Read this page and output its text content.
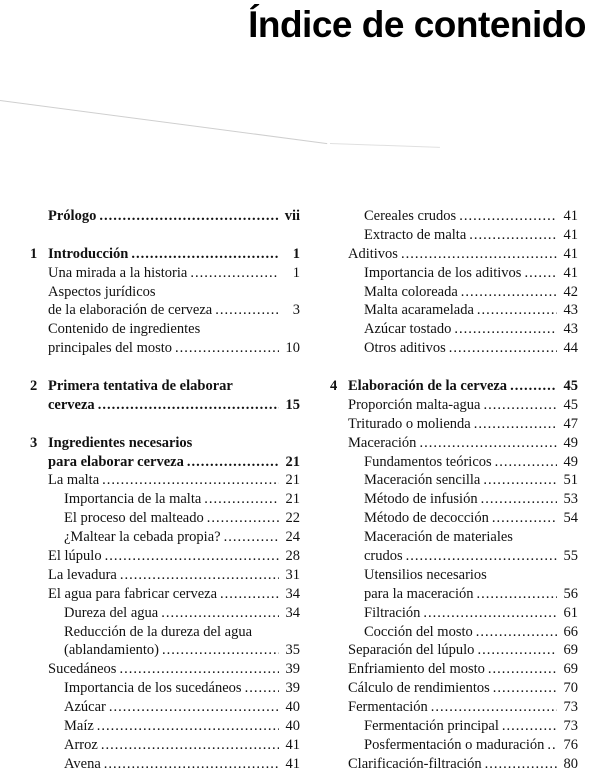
Índice de contenido
Prólogo .....	vii
1 Introducción .....	1
Una mirada a la historia .....	1
Aspectos jurídicos
de la elaboración de cerveza .....	3
Contenido de ingredientes
principales del mosto .....	10
2 Primera tentativa de elaborar
cerveza .....	15
3 Ingredientes necesarios
para elaborar cerveza .....	21
La malta .....	21
Importancia de la malta .....	21
El proceso del malteado .....	22
¿Maltear la cebada propia? .....	24
El lúpulo .....	28
La levadura .....	31
El agua para fabricar cerveza .....	34
Dureza del agua .....	34
Reducción de la dureza del agua
(ablandamiento) .....	35
Sucedáneos .....	39
Importancia de los sucedáneos .....	39
Azúcar .....	40
Maíz .....	40
Arroz .....	41
Avena .....	41
Cereales crudos .....	41
Extracto de malta .....	41
Aditivos .....	41
Importancia de los aditivos .....	41
Malta coloreada .....	42
Malta acaramelada .....	43
Azúcar tostado .....	43
Otros aditivos .....	44
4 Elaboración de la cerveza .....	45
Proporción malta-agua .....	45
Triturado o molienda .....	47
Maceración .....	49
Fundamentos teóricos .....	49
Maceración sencilla .....	51
Método de infusión .....	53
Método de decocción .....	54
Maceración de materiales
crudos .....	55
Utensilios necesarios
para la maceración .....	56
Filtración .....	61
Cocción del mosto .....	66
Separación del lúpulo .....	69
Enfriamiento del mosto .....	69
Cálculo de rendimientos .....	70
Fermentación .....	73
Fermentación principal .....	73
Posfermentación o maduración ..... 76
Clarificación-filtración .....	80
